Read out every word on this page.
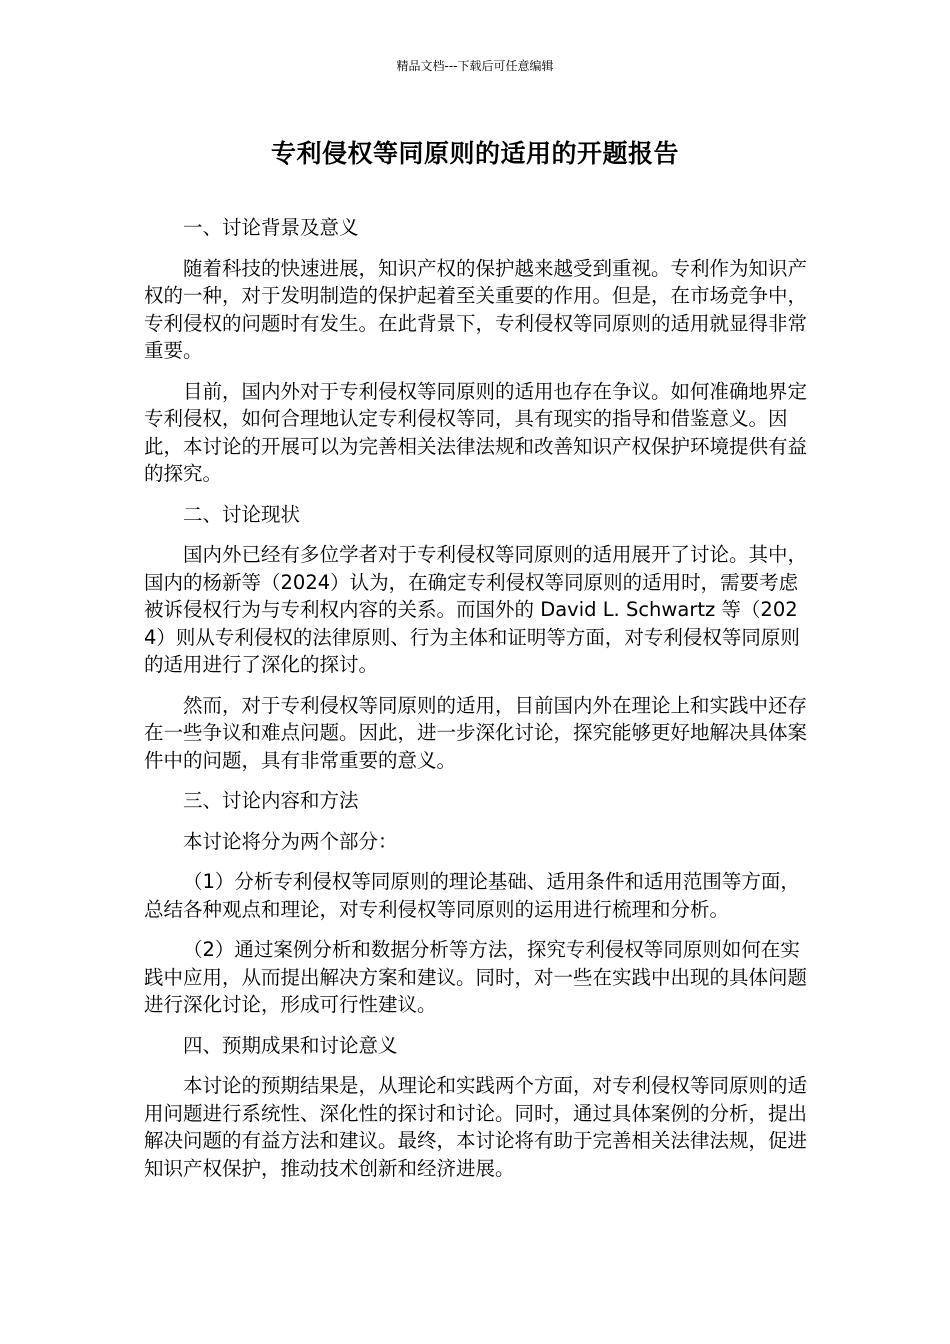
精品文档---下载后可任意编辑
专利侵权等同原则的适用的开题报告
一、讨论背景及意义

随着科技的快速进展，知识产权的保护越来越受到重视。专利作为知识产权的一种，对于发明制造的保护起着至关重要的作用。但是，在市场竞争中，专利侵权的问题时有发生。在此背景下，专利侵权等同原则的适用就显得非常重要。

目前，国内外对于专利侵权等同原则的适用也存在争议。如何准确地界定专利侵权，如何合理地认定专利侵权等同，具有现实的指导和借鉴意义。因此，本讨论的开展可以为完善相关法律法规和改善知识产权保护环境提供有益的探究。

二、讨论现状

国内外已经有多位学者对于专利侵权等同原则的适用展开了讨论。其中，国内的杨新等（2024）认为，在确定专利侵权等同原则的适用时，需要考虑被诉侵权行为与专利权内容的关系。而国外的 David L. Schwartz 等（2024）则从专利侵权的法律原则、行为主体和证明等方面，对专利侵权等同原则的适用进行了深化的探讨。

然而，对于专利侵权等同原则的适用，目前国内外在理论上和实践中还存在一些争议和难点问题。因此，进一步深化讨论，探究能够更好地解决具体案件中的问题，具有非常重要的意义。

三、讨论内容和方法

本讨论将分为两个部分：

（1）分析专利侵权等同原则的理论基础、适用条件和适用范围等方面，总结各种观点和理论，对专利侵权等同原则的运用进行梳理和分析。

（2）通过案例分析和数据分析等方法，探究专利侵权等同原则如何在实践中应用，从而提出解决方案和建议。同时，对一些在实践中出现的具体问题进行深化讨论，形成可行性建议。

四、预期成果和讨论意义

本讨论的预期结果是，从理论和实践两个方面，对专利侵权等同原则的适用问题进行系统性、深化性的探讨和讨论。同时，通过具体案例的分析，提出解决问题的有益方法和建议。最终，本讨论将有助于完善相关法律法规，促进知识产权保护，推动技术创新和经济进展。
